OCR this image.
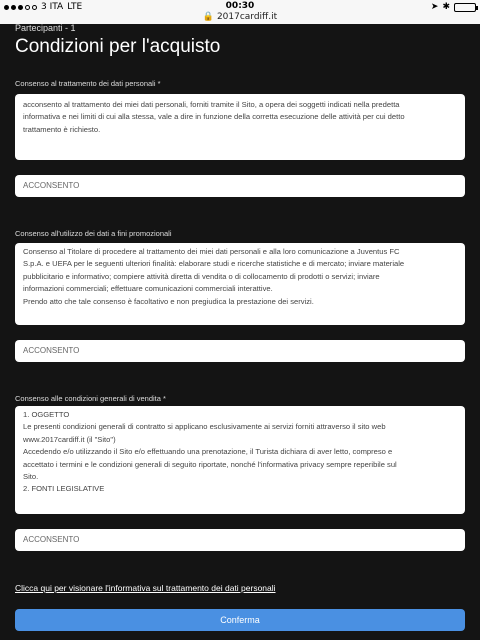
3 ITA LTE	00:30
🔒 2017cardiff.it
➤ ✱
Partecipanti - 1
Condizioni per l'acquisto
Consenso al trattamento dei dati personali *

acconsento al trattamento dei miei dati personali, forniti tramite il Sito, a opera dei soggetti indicati nella predetta

informativa e nei limiti di cui alla stessa, vale a dire in funzione della corretta esecuzione delle attività per cui detto

trattamento è richiesto.

ACCONSENTO
Consenso all'utilizzo dei dati a fini promozionali

Consenso al Titolare di procedere al trattamento dei miei dati personali e alla loro comunicazione a Juventus FC

S.p.A. e UEFA per le seguenti ulteriori finalità: elaborare studi e ricerche statistiche e di mercato; inviare materiale

pubblicitario e informativo; compiere attività diretta di vendita o di collocamento di prodotti o servizi; inviare

informazioni commerciali; effettuare comunicazioni commerciali interattive.

Prendo atto che tale consenso è facoltativo e non pregiudica la prestazione dei servizi.

ACCONSENTO
Consenso alle condizioni generali di vendita *

1. OGGETTO

Le presenti condizioni generali di contratto si applicano esclusivamente ai servizi forniti attraverso il sito web

www.2017cardiff.it (il "Sito")

Accedendo e/o utilizzando il Sito e/o effettuando una prenotazione, il Turista dichiara di aver letto, compreso e

accettato i termini e le condizioni generali di seguito riportate, nonché l'informativa privacy sempre reperibile sul

Sito.

2. FONTI LEGISLATIVE

ACCONSENTO
Clicca qui per visionare l'informativa sul trattamento dei dati personali
Conferma
